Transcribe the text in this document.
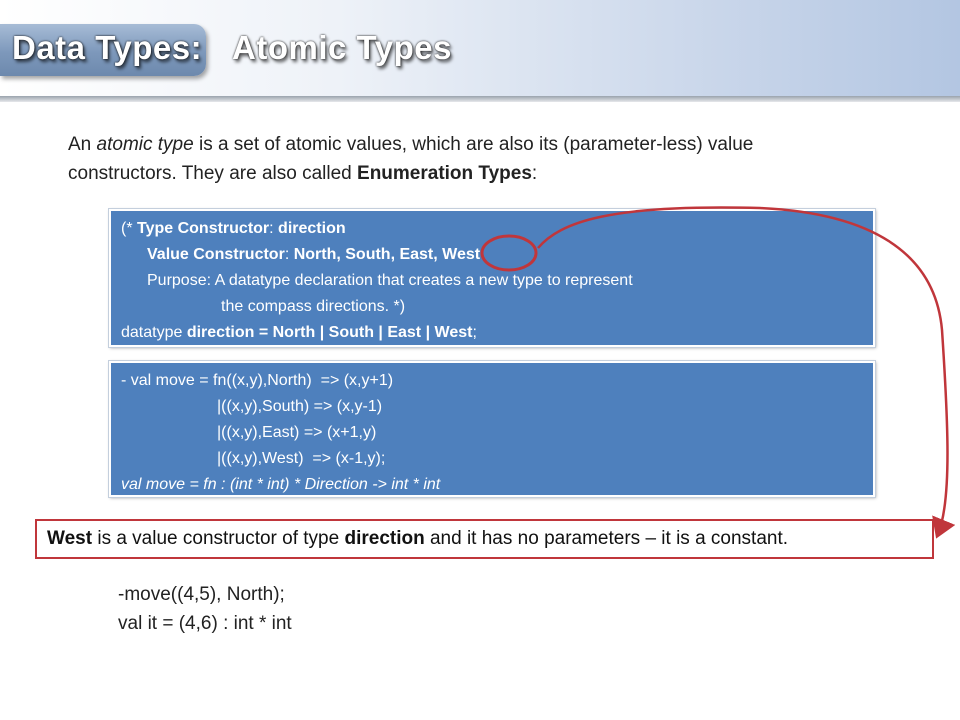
Data Types: Atomic Types
An atomic type is a set of atomic values, which are also its (parameter-less) value
constructors. They are also called Enumeration Types:
(* Type Constructor: direction
Value Constructor: North, South, East, West
Purpose: A datatype declaration that creates a new type to represent
the compass directions. *)
datatype direction = North | South | East | West;
- val move = fn((x,y),North)  => (x,y+1)
|((x,y),South) => (x,y-1)
|((x,y),East) => (x+1,y)
|((x,y),West)  => (x-1,y);
val move = fn : (int * int) * Direction -> int * int
West is a value constructor of type direction and it has no parameters – it is a constant.
-move((4,5), North);
val it = (4,6) : int * int
